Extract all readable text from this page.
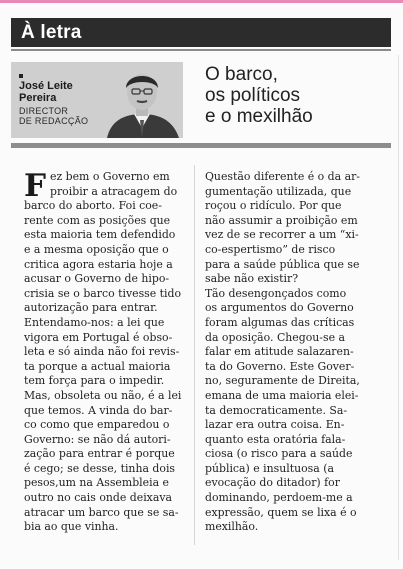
À letra
José Leite
Pereira
DIRECTOR
DE REDACÇÃO
O barco,
os políticos
e o mexilhão
F ez bem o Governo em
proibir a atracagem do
barco do aborto. Foi coe-
rente com as posições que
esta maioria tem defendido
e a mesma oposição que o
critica agora estaria hoje a
acusar o Governo de hipo-
crisia se o barco tivesse tido
autorização para entrar.
Entendamo-nos: a lei que
vigora em Portugal é obso-
leta e só ainda não foi revis-
ta porque a actual maioria
tem força para o impedir.
Mas, obsoleta ou não, é a lei
que temos. A vinda do bar-
co como que emparedou o
Governo: se não dá autori-
zação para entrar é porque
é cego; se desse, tinha dois
pesos,um na Assembleia e
outro no cais onde deixava
atracar um barco que se sa-
bia ao que vinha.
Questão diferente é o da ar-
gumentação utilizada, que
roçou o ridículo. Por que
não assumir a proibição em
vez de se recorrer a um “xi-
co-espertismo” de risco
para a saúde pública que se
sabe não existir?
Tão desengonçados como
os argumentos do Governo
foram algumas das críticas
da oposição. Chegou-se a
falar em atitude salazaren-
ta do Governo. Este Gover-
no, seguramente de Direita,
emana de uma maioria elei-
ta democraticamente. Sa-
lazar era outra coisa. En-
quanto esta oratória fala-
ciosa (o risco para a saúde
pública) e insultuosa (a
evocação do ditador) for
dominando, perdoem-me a
expressão, quem se lixa é o
mexilhão.
